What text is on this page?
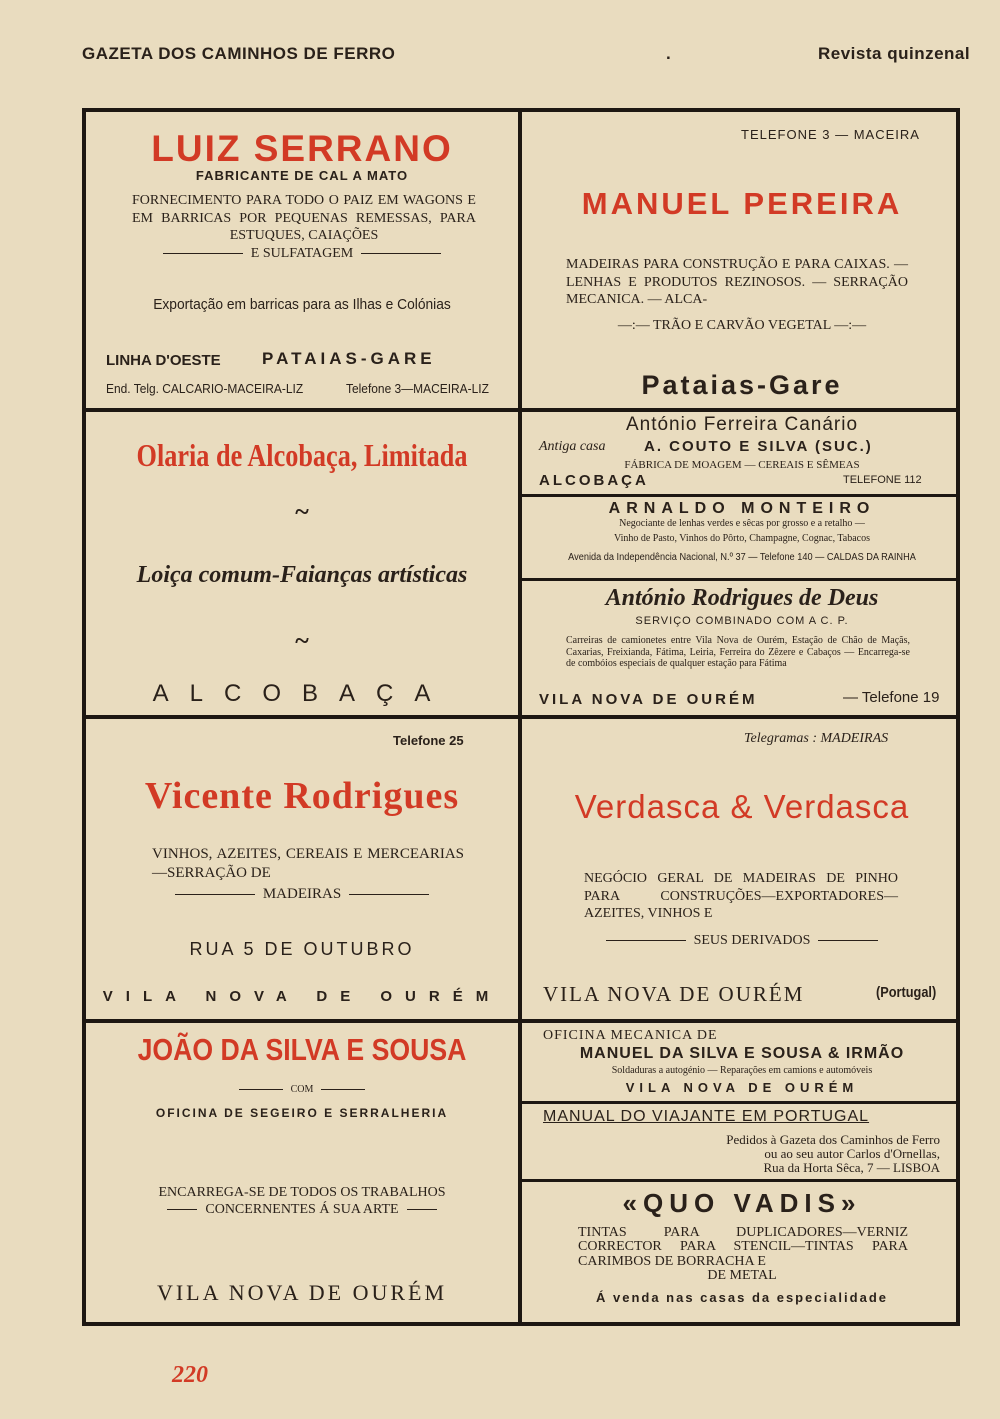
GAZETA DOS CAMINHOS DE FERRO	.	Revista quinzenal
LUIZ SERRANO
FABRICANTE DE CAL A MATO
FORNECIMENTO PARA TODO O PAIZ EM WAGONS E EM BARRICAS POR PEQUENAS REMESSAS, PARA ESTUQUES, CAIAÇÕES
E SULFATAGEM
Exportação em barricas para as Ilhas e Colónias
LINHA D'OESTE PATAIAS-GARE
End. Telg. CALCARIO-MACEIRA-LIZ	Telefone 3—MACEIRA-LIZ
TELEFONE 3 — MACEIRA
MANUEL PEREIRA
MADEIRAS PARA CONSTRUÇÃO E PARA CAIXAS. — LENHAS E PRODUTOS REZINOSOS. — SERRAÇÃO MECANICA. — ALCA-
—:— TRÃO E CARVÃO VEGETAL —:—
Pataias-Gare
Olaria de Alcobaça, Limitada
~
Loiça comum-Faianças artísticas
~
ALCOBAÇA
António Ferreira Canário
Antiga casa	A. COUTO E SILVA (SUC.)
FÁBRICA DE MOAGEM — CEREAIS E SÊMEAS
ALCOBAÇA	TELEFONE 112
ARNALDO MONTEIRO
Negociante de lenhas verdes e sêcas por grosso e a retalho —
Vinho de Pasto, Vinhos do Pôrto, Champagne, Cognac, Tabacos
Avenida da Independência Nacional, N.º 37 — Telefone 140 — CALDAS DA RAINHA
António Rodrigues de Deus
SERVIÇO COMBINADO COM A C. P.
Carreiras de camionetes entre Vila Nova de Ourém, Estação de Chão de Maçãs, Caxarias, Freixianda, Fátima, Leiria, Ferreira do Zêzere e Cabaços — Encarrega-se de combóios especiais de qualquer estação para Fátima
VILA NOVA DE OURÉM	— Telefone 19
Telefone 25
Vicente Rodrigues
VINHOS, AZEITES, CEREAIS E MERCEARIAS—SERRAÇÃO DE
MADEIRAS
RUA 5 DE OUTUBRO
VILA NOVA DE OURÉM
Telegramas : MADEIRAS
Verdasca & Verdasca
NEGÓCIO GERAL DE MADEIRAS DE PINHO PARA CONSTRUÇÕES—EXPORTADORES—AZEITES, VINHOS E
SEUS DERIVADOS
VILA NOVA DE OURÉM	(Portugal)
JOÃO DA SILVA E SOUSA
COM
OFICINA DE SEGEIRO E SERRALHERIA
ENCARREGA-SE DE TODOS OS TRABALHOS
CONCERNENTES Á SUA ARTE
VILA NOVA DE OURÉM
OFICINA MECANICA DE
MANUEL DA SILVA E SOUSA & IRMÃO
Soldaduras a autogénio — Reparações em camions e automóveis
VILA NOVA DE OURÉM
MANUAL DO VIAJANTE EM PORTUGAL
Pedidos à Gazeta dos Caminhos de Ferro
ou ao seu autor Carlos d'Ornellas,
Rua da Horta Sêca, 7 — LISBOA
«QUO VADIS»
TINTAS PARA DUPLICADORES—VERNIZ CORRECTOR PARA STENCIL—TINTAS PARA CARIMBOS DE BORRACHA E
DE METAL
Á venda nas casas da especialidade
220
